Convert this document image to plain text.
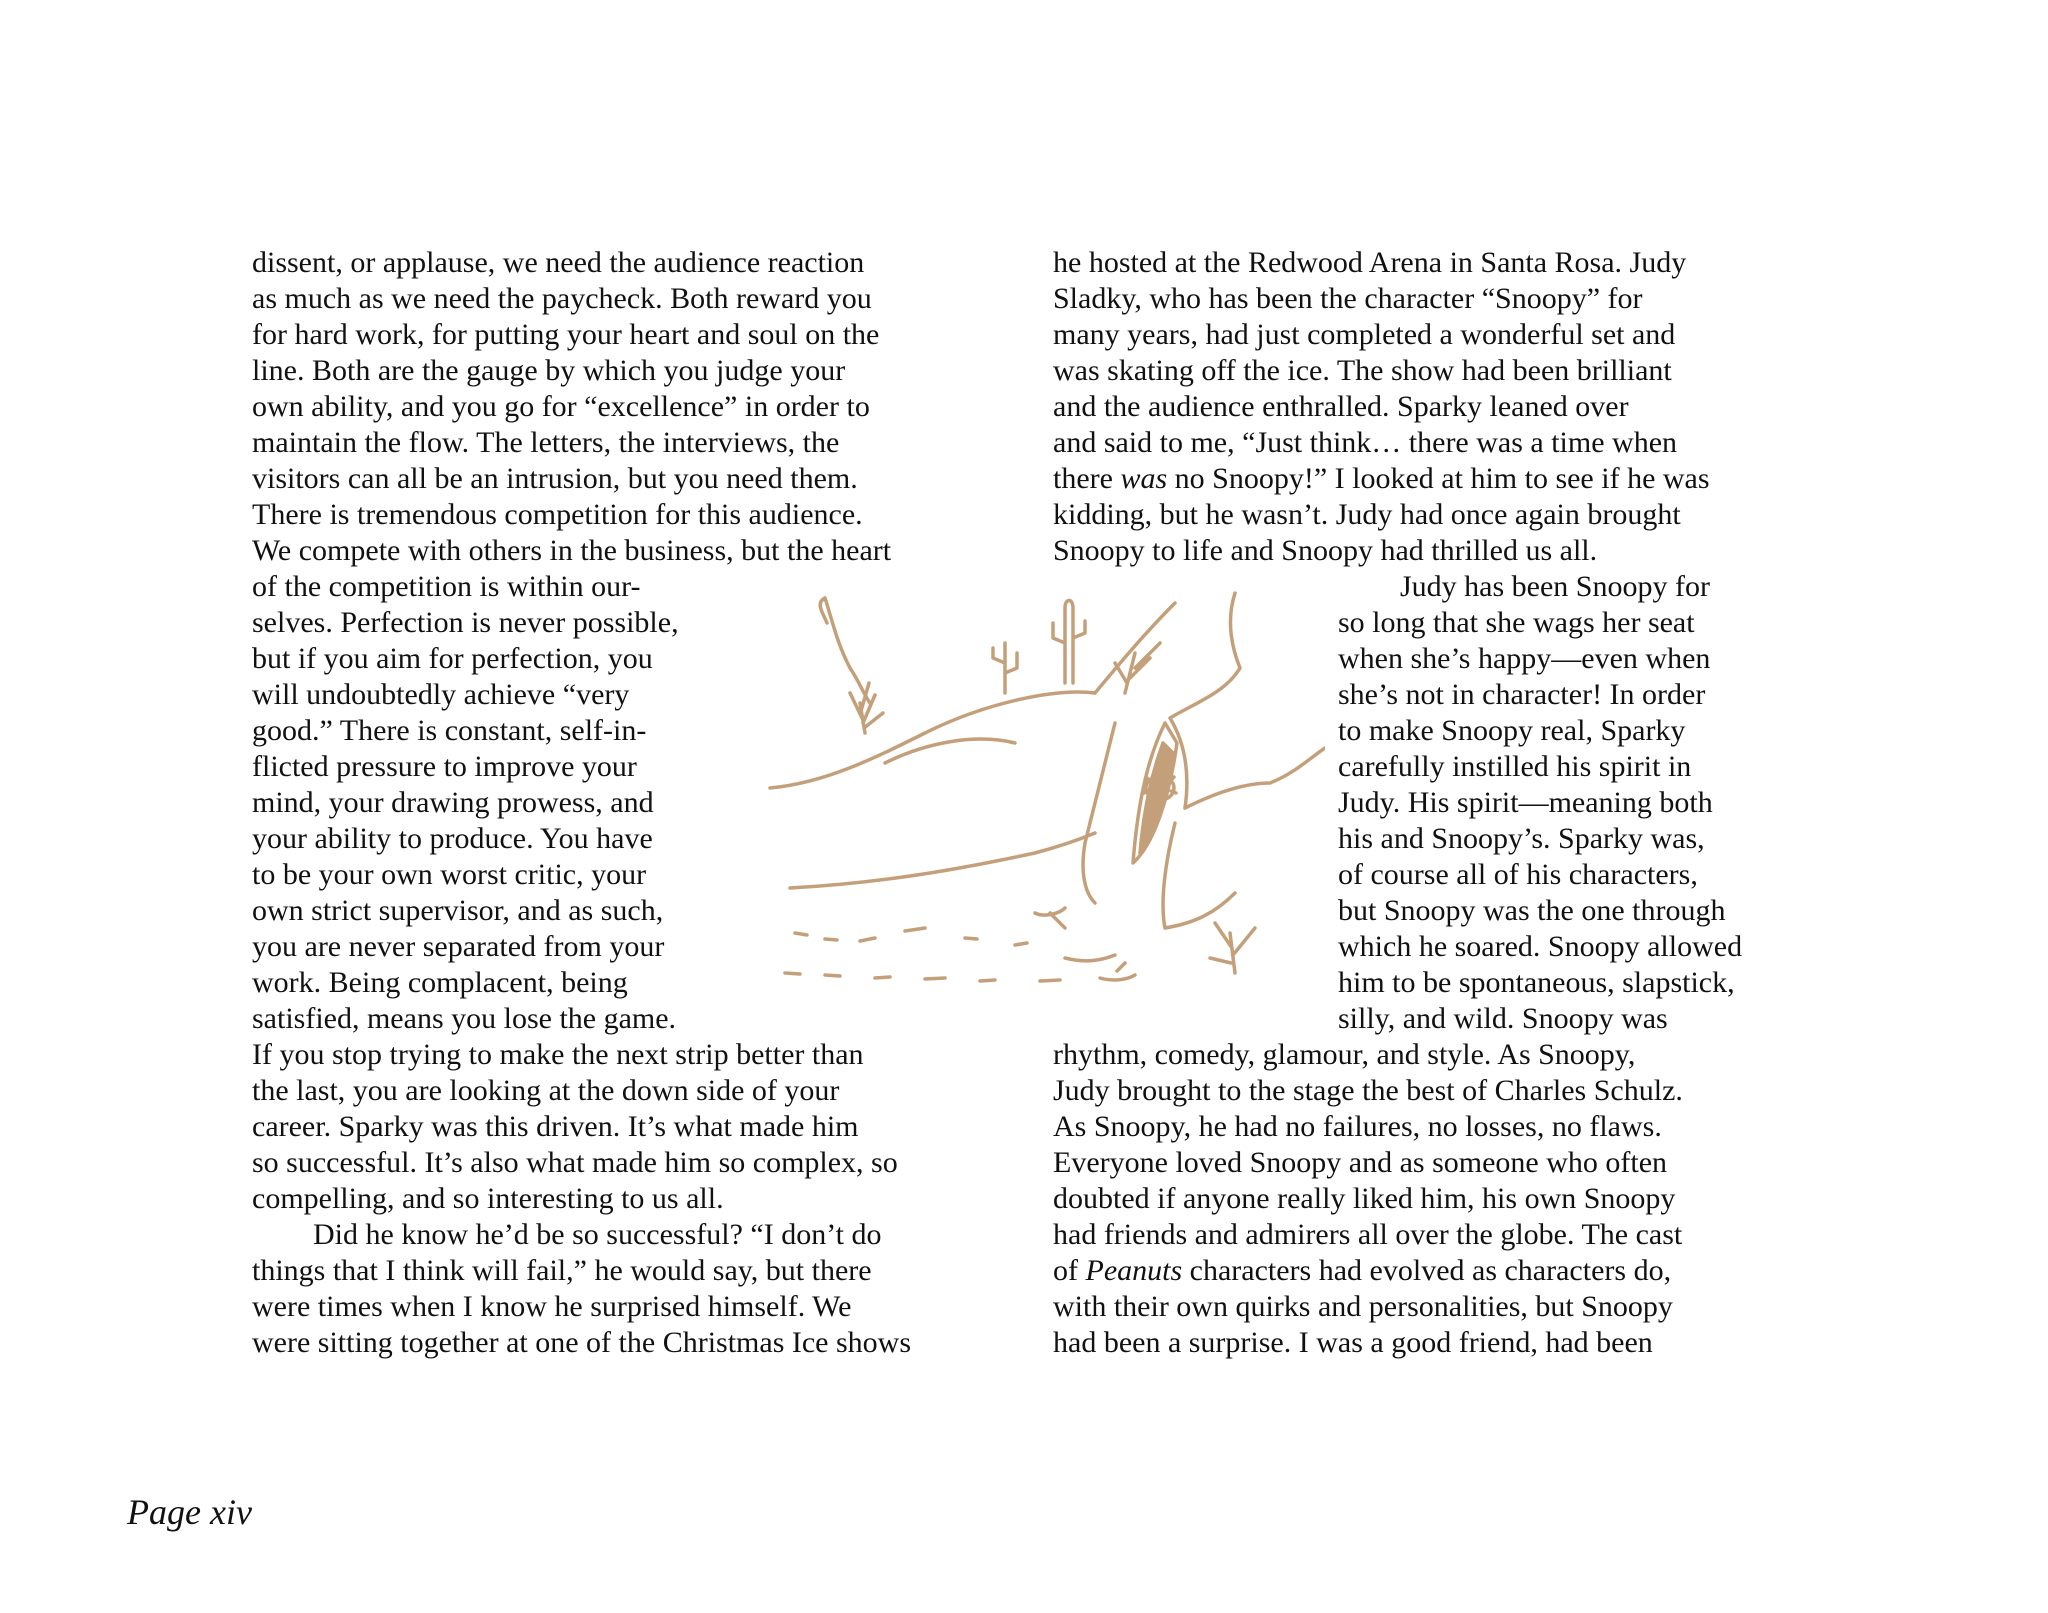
dissent, or applause, we need the audience reaction

as much as we need the paycheck. Both reward you

for hard work, for putting your heart and soul on the

line. Both are the gauge by which you judge your

own ability, and you go for “excellence” in order to

maintain the flow. The letters, the interviews, the

visitors can all be an intrusion, but you need them.

There is tremendous competition for this audience.

We compete with others in the business, but the heart

of the competition is within our-

selves. Perfection is never possible,

but if you aim for perfection, you

will undoubtedly achieve “very

good.” There is constant, self-in-

flicted pressure to improve your

mind, your drawing prowess, and

your ability to produce. You have

to be your own worst critic, your

own strict supervisor, and as such,

you are never separated from your

work. Being complacent, being

satisfied, means you lose the game.

If you stop trying to make the next strip better than

the last, you are looking at the down side of your

career. Sparky was this driven. It’s what made him

so successful. It’s also what made him so complex, so

compelling, and so interesting to us all.

Did he know he’d be so successful? “I don’t do

things that I think will fail,” he would say, but there

were times when I know he surprised himself. We

were sitting together at one of the Christmas Ice shows

he hosted at the Redwood Arena in Santa Rosa. Judy

Sladky, who has been the character “Snoopy” for

many years, had just completed a wonderful set and

was skating off the ice. The show had been brilliant

and the audience enthralled. Sparky leaned over

and said to me, “Just think… there was a time when

there was no Snoopy!” I looked at him to see if he was

kidding, but he wasn’t. Judy had once again brought

Snoopy to life and Snoopy had thrilled us all.

Judy has been Snoopy for

so long that she wags her seat

when she’s happy—even when

she’s not in character! In order

to make Snoopy real, Sparky

carefully instilled his spirit in

Judy. His spirit—meaning both

his and Snoopy’s. Sparky was,

of course all of his characters,

but Snoopy was the one through

which he soared. Snoopy allowed

him to be spontaneous, slapstick,

silly, and wild. Snoopy was

rhythm, comedy, glamour, and style. As Snoopy,

Judy brought to the stage the best of Charles Schulz.

As Snoopy, he had no failures, no losses, no flaws.

Everyone loved Snoopy and as someone who often

doubted if anyone really liked him, his own Snoopy

had friends and admirers all over the globe. The cast

of Peanuts characters had evolved as characters do,

with their own quirks and personalities, but Snoopy

had been a surprise. I was a good friend, had been

Page xiv
